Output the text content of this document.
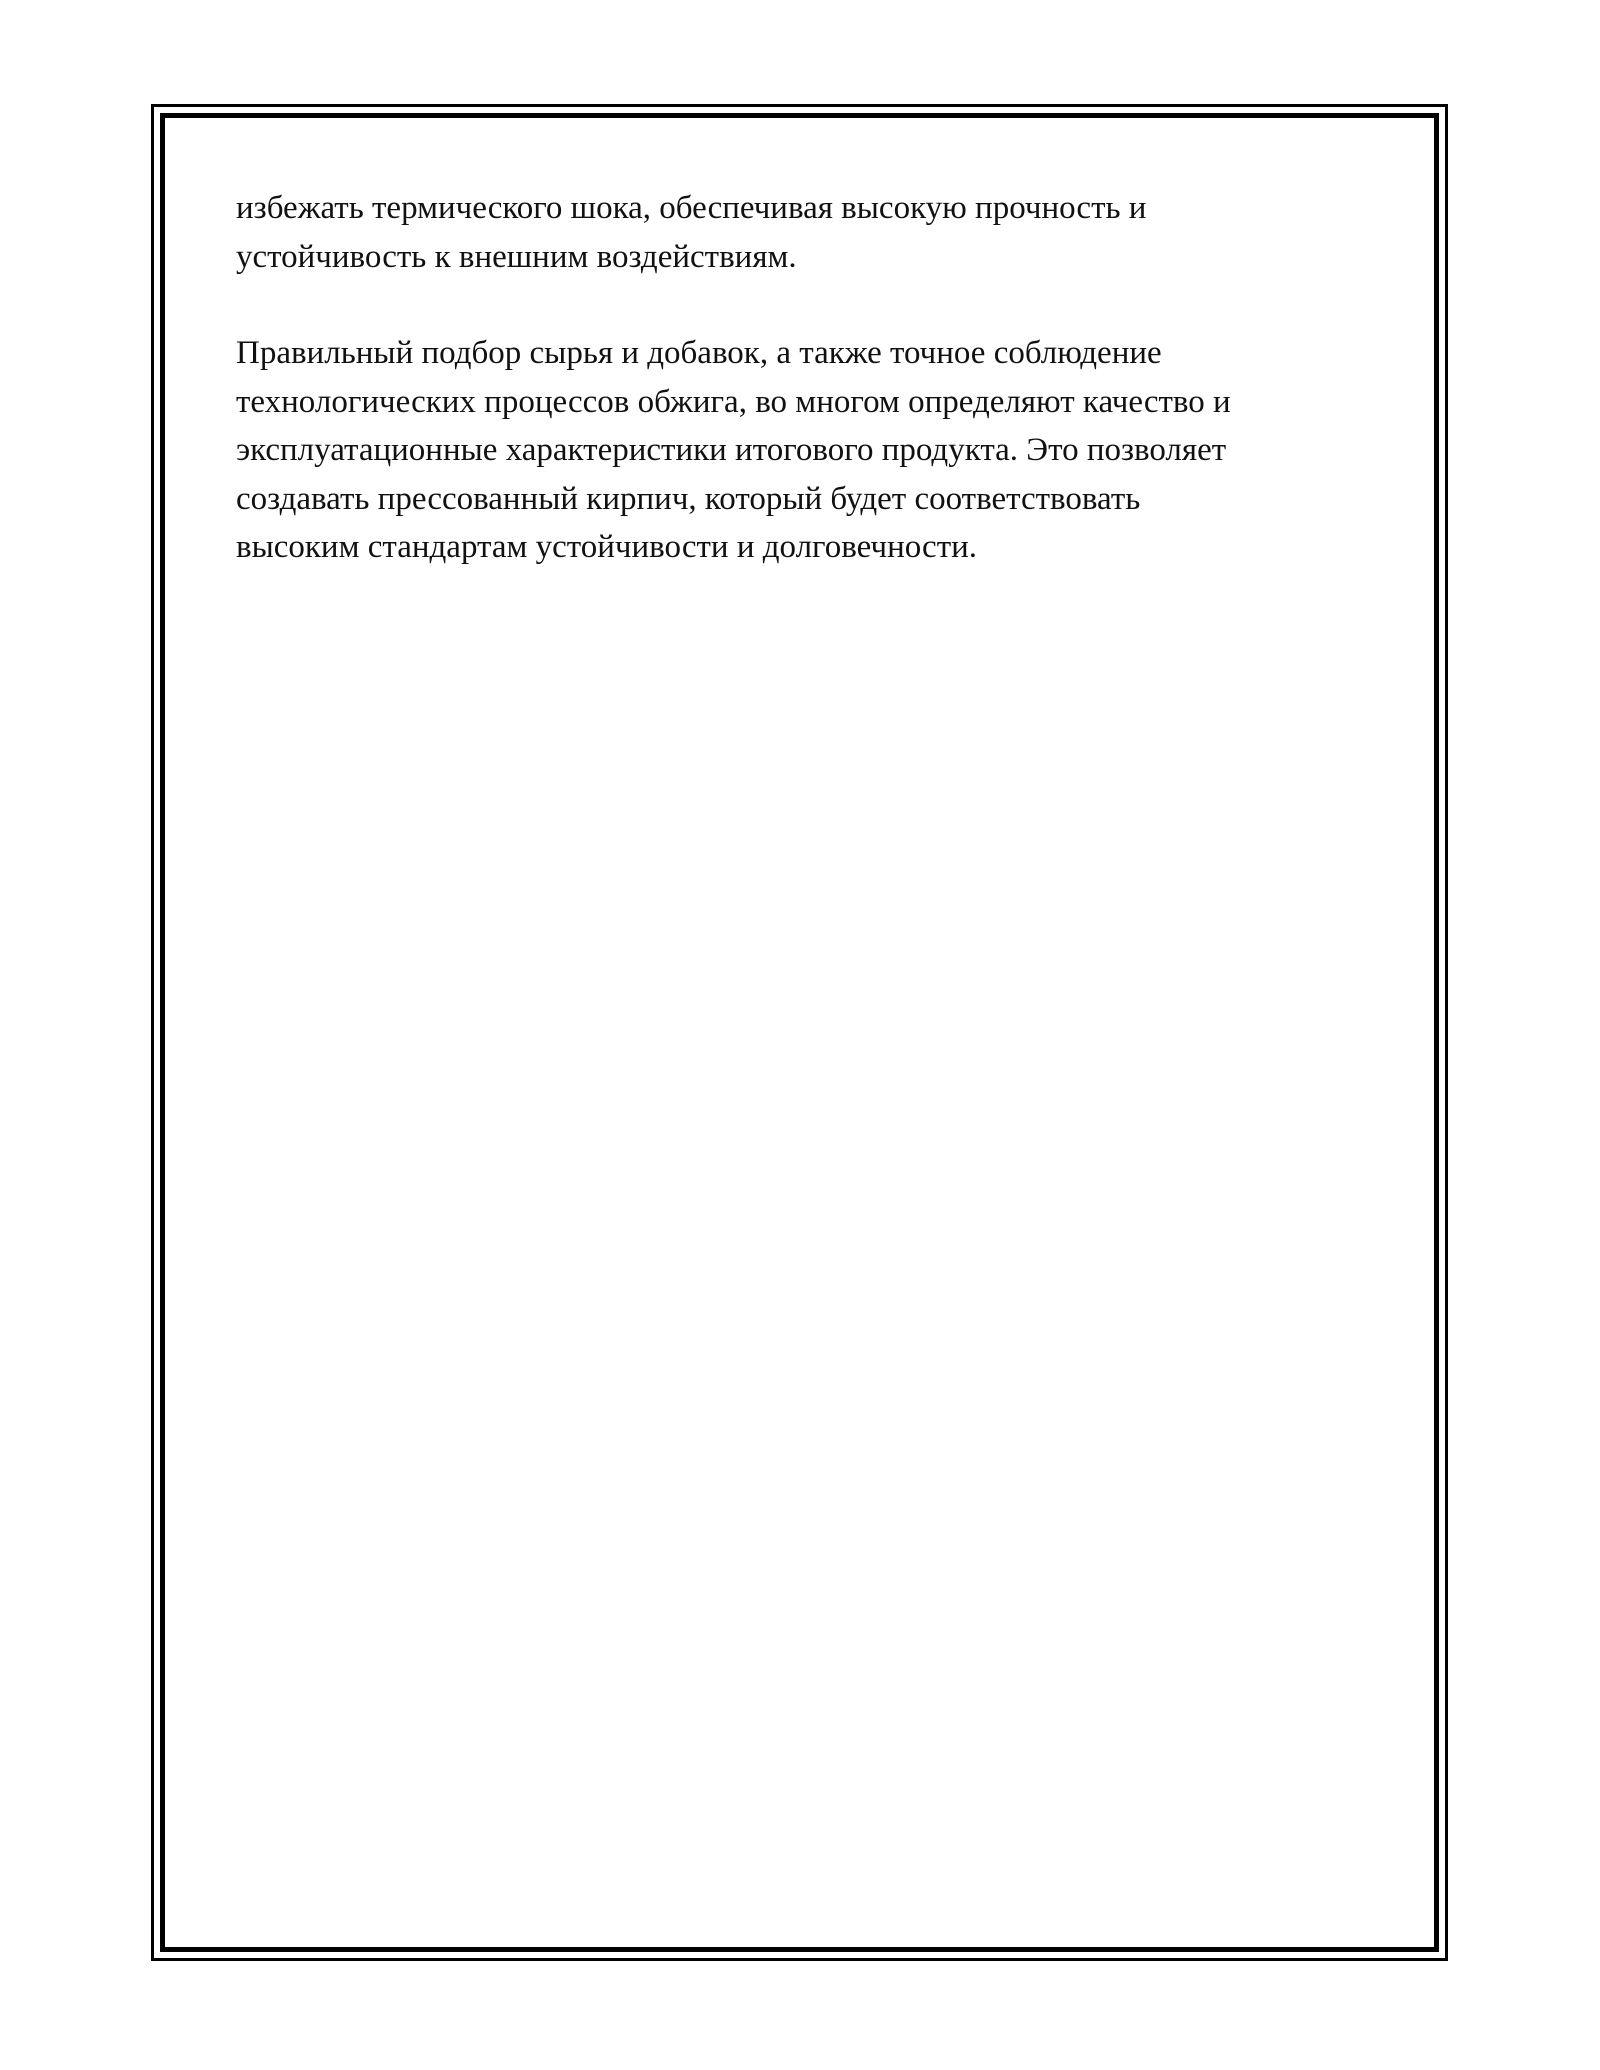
избежать термического шока, обеспечивая высокую прочность и
устойчивость к внешним воздействиям.

Правильный подбор сырья и добавок, а также точное соблюдение
технологических процессов обжига, во многом определяют качество и
эксплуатационные характеристики итогового продукта. Это позволяет
создавать прессованный кирпич, который будет соответствовать
высоким стандартам устойчивости и долговечности.
